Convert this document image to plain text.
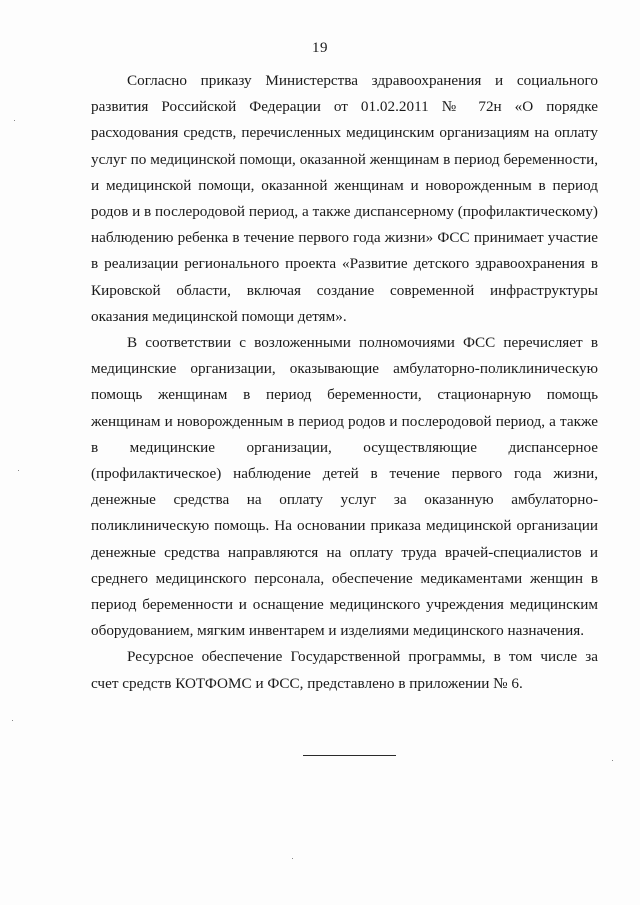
19

Согласно приказу Министерства здравоохранения и социального развития Российской Федерации от 01.02.2011 № 72н «О порядке расходования средств, перечисленных медицинским организациям на оплату услуг по медицинской помощи, оказанной женщинам в период беременности, и медицинской помощи, оказанной женщинам и новорожденным в период родов и в послеродовой период, а также диспансерному (профилактическому) наблюдению ребенка в течение первого года жизни» ФСС принимает участие в реализации регионального проекта «Развитие детского здравоохранения в Кировской области, включая создание современной инфраструктуры оказания медицинской помощи детям».

В соответствии с возложенными полномочиями ФСС перечисляет в медицинские организации, оказывающие амбулаторно-поликлиническую помощь женщинам в период беременности, стационарную помощь женщинам и новорожденным в период родов и послеродовой период, а также в медицинские организации, осуществляющие диспансерное (профилактическое) наблюдение детей в течение первого года жизни, денежные средства на оплату услуг за оказанную амбулаторно-поликлиническую помощь. На основании приказа медицинской организации денежные средства направляются на оплату труда врачей-специалистов и среднего медицинского персонала, обеспечение медикаментами женщин в период беременности и оснащение медицинского учреждения медицинским оборудованием, мягким инвентарем и изделиями медицинского назначения.

Ресурсное обеспечение Государственной программы, в том числе за счет средств КОТФОМС и ФСС, представлено в приложении № 6.
